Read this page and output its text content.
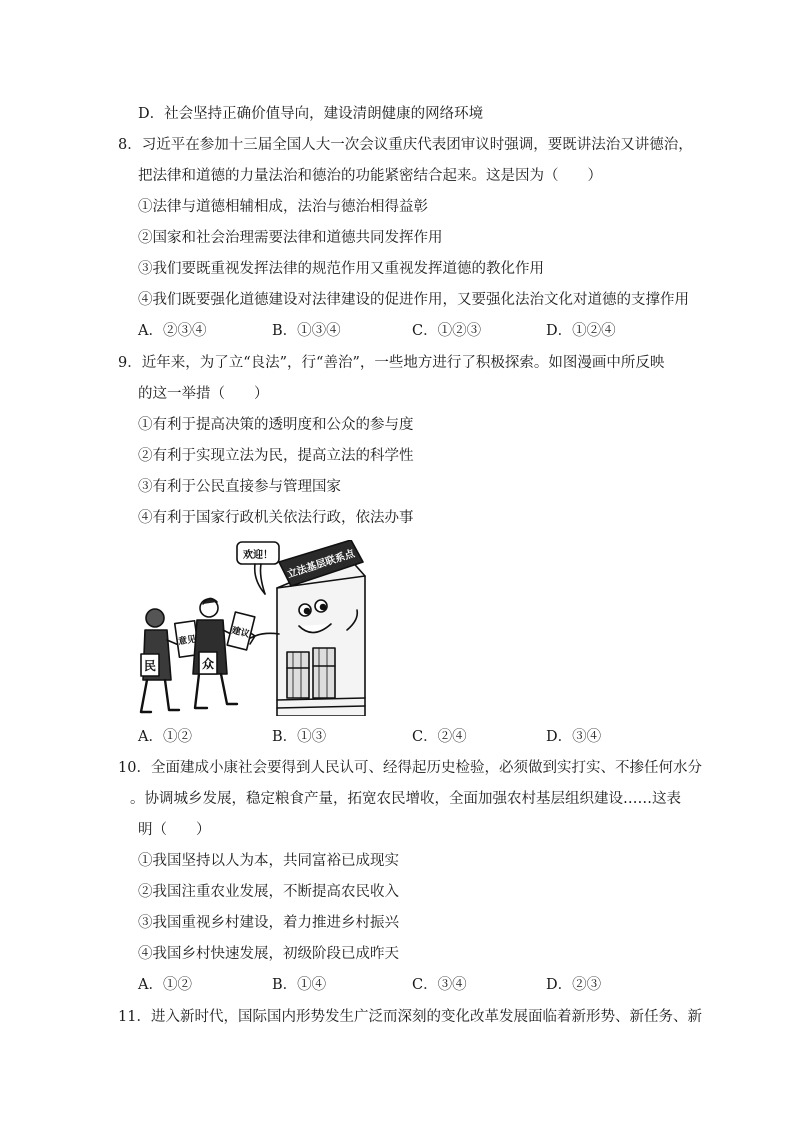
D．社会坚持正确价值导向，建设清朗健康的网络环境
8．习近平在参加十三届全国人大一次会议重庆代表团审议时强调，要既讲法治又讲德治，
把法律和道德的力量法治和德治的功能紧密结合起来。这是因为（　　）
①法律与道德相辅相成，法治与德治相得益彰
②国家和社会治理需要法律和道德共同发挥作用
③我们要既重视发挥法律的规范作用又重视发挥道德的教化作用
④我们既要强化道德建设对法律建设的促进作用，又要强化法治文化对道德的支撑作用
A．②③④	B．①③④	C．①②③	D．①②④
9．近年来，为了立“良法”，行“善治”，一些地方进行了积极探索。如图漫画中所反映
的这一举措（　　）
①有利于提高决策的透明度和公众的参与度
②有利于实现立法为民，提高立法的科学性
③有利于公民直接参与管理国家
④有利于国家行政机关依法行政，依法办事
欢迎！ 立法基层联系点
民	众
意见
建议
A．①②	B．①③	C．②④	D．③④
10．全面建成小康社会要得到人民认可、经得起历史检验，必须做到实打实、不掺任何水分
。协调城乡发展，稳定粮食产量，拓宽农民增收，全面加强农村基层组织建设……这表
明（　　）
①我国坚持以人为本，共同富裕已成现实
②我国注重农业发展，不断提高农民收入
③我国重视乡村建设，着力推进乡村振兴
④我国乡村快速发展，初级阶段已成昨天
A．①②	B．①④	C．③④	D．②③
11．进入新时代，国际国内形势发生广泛而深刻的变化改革发展面临着新形势、新任务、新
